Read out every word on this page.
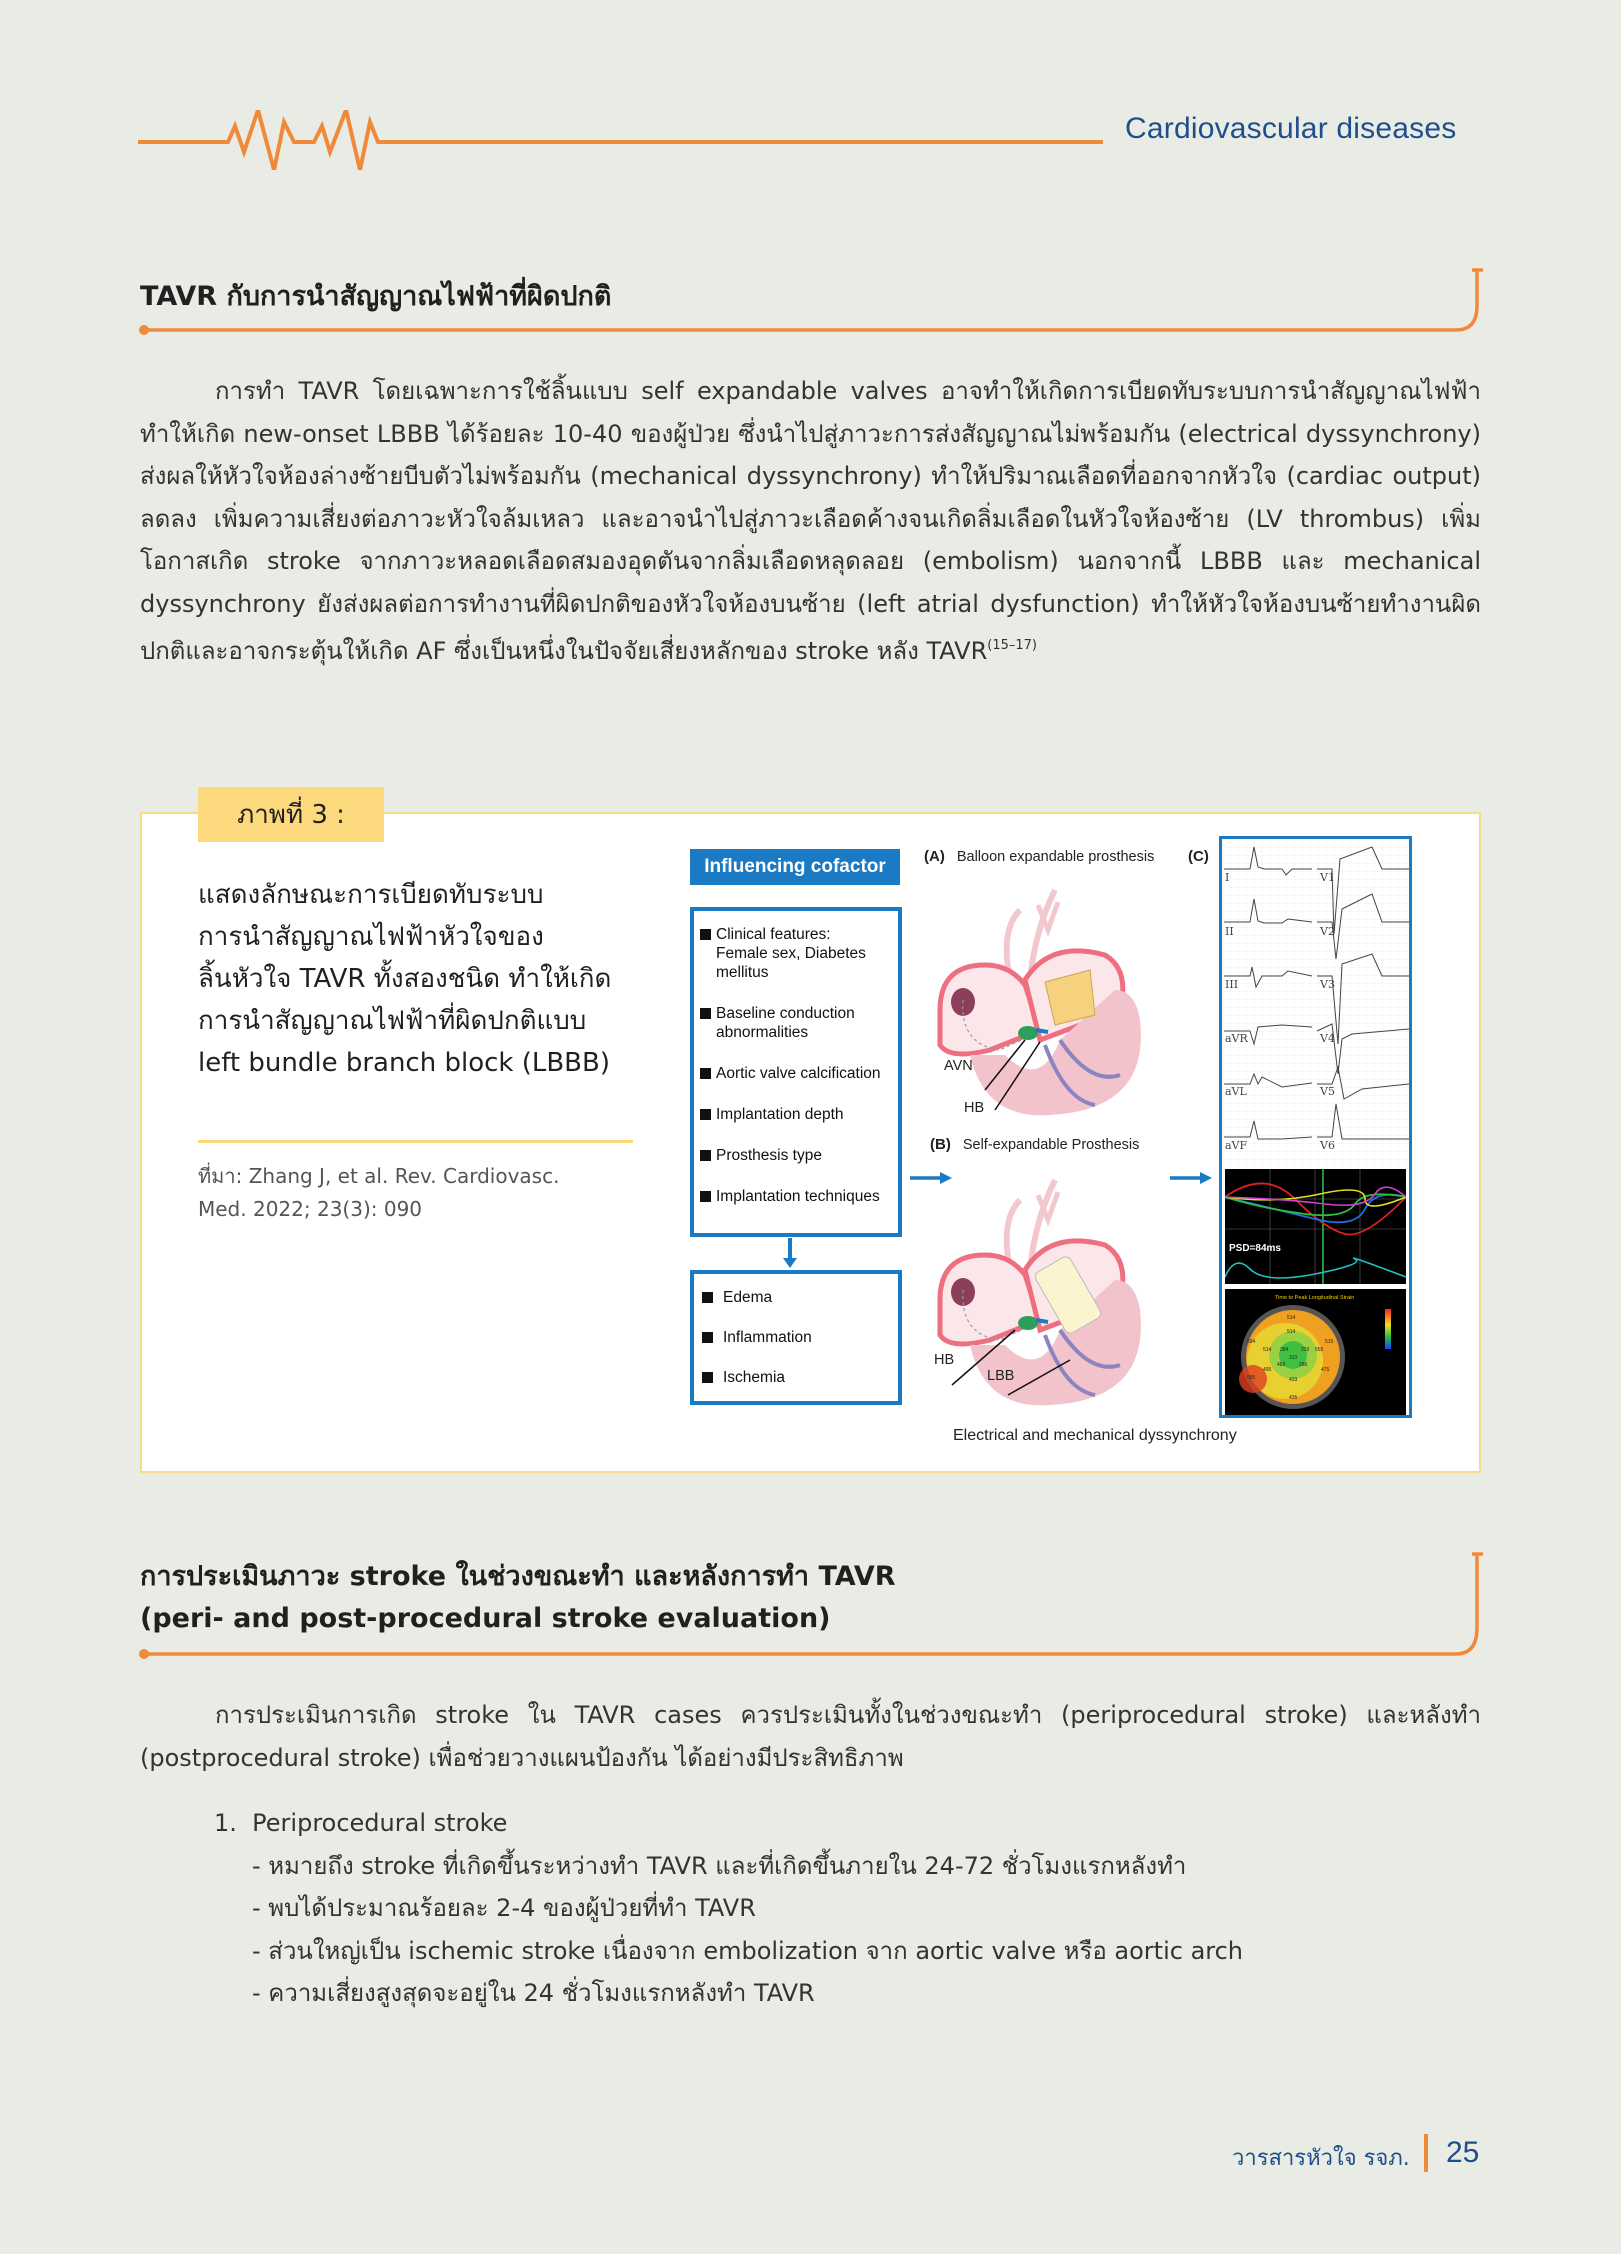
Cardiovascular diseases
TAVR กับการนำสัญญาณไฟฟ้าที่ผิดปกติ

การทำ TAVR โดยเฉพาะการใช้ลิ้นแบบ self expandable valves อาจทำให้เกิดการเบียดทับระบบการนำสัญญาณไฟฟ้า ทำให้เกิด new-onset LBBB ได้ร้อยละ 10-40 ของผู้ป่วย ซึ่งนำไปสู่ภาวะการส่งสัญญาณไม่พร้อมกัน (electrical dyssynchrony) ส่งผลให้หัวใจห้องล่างซ้ายบีบตัวไม่พร้อมกัน (mechanical dyssynchrony) ทำให้ปริมาณเลือดที่ออกจากหัวใจ (cardiac output) ลดลง เพิ่มความเสี่ยงต่อภาวะหัวใจล้มเหลว และอาจนำไปสู่ภาวะเลือดค้างจนเกิดลิ่มเลือดในหัวใจห้องซ้าย (LV thrombus) เพิ่มโอกาสเกิด stroke จากภาวะหลอดเลือดสมองอุดตันจากลิ่มเลือดหลุดลอย (embolism) นอกจากนี้ LBBB และ mechanical dyssynchrony ยังส่งผลต่อการทำงานที่ผิดปกติของหัวใจห้องบนซ้าย (left atrial dysfunction) ทำให้หัวใจห้องบนซ้ายทำงานผิดปกติและอาจกระตุ้นให้เกิด AF ซึ่งเป็นหนึ่งในปัจจัยเสี่ยงหลักของ stroke หลัง TAVR$^{(15-17)}$

ภาพที่ 3 :
แสดงลักษณะการเบียดทับระบบ
การนำสัญญาณไฟฟ้าหัวใจของ
ลิ้นหัวใจ TAVR ทั้งสองชนิด ทำให้เกิด
การนำสัญญาณไฟฟ้าที่ผิดปกติแบบ
left bundle branch block (LBBB)
ที่มา: Zhang J, et al. Rev. Cardiovasc.
Med. 2022; 23(3): 090
Influencing cofactor
Clinical features: Female sex, Diabetes mellitus
Baseline conduction abnormalities
Aortic valve calcification
Implantation depth
Prosthesis type
Implantation techniques
Edema
Inflammation
Ischemia
(A) Balloon expandable prosthesis (C)
AVN
HB
(B) Self-expandable Prosthesis
HB
LBB
I
II
III
aVR
aVL
aVF
V1
V2
V3
V4
V5
V6
PSD=84ms
Time to Peak Longitudinal Strain
514
514
594	515
514 284	333 555
313
483	286
495	475
555	433
435
Electrical and mechanical dyssynchrony
การประเมินภาวะ stroke ในช่วงขณะทำ และหลังการทำ TAVR
(peri- and post-procedural stroke evaluation)

การประเมินการเกิด stroke ใน TAVR cases ควรประเมินทั้งในช่วงขณะทำ (periprocedural stroke) และหลังทำ (postprocedural stroke) เพื่อช่วยวางแผนป้องกัน ได้อย่างมีประสิทธิภาพ

1. Periprocedural stroke
- หมายถึง stroke ที่เกิดขึ้นระหว่างทำ TAVR และที่เกิดขึ้นภายใน 24-72 ชั่วโมงแรกหลังทำ
- พบได้ประมาณร้อยละ 2-4 ของผู้ป่วยที่ทำ TAVR
- ส่วนใหญ่เป็น ischemic stroke เนื่องจาก embolization จาก aortic valve หรือ aortic arch
- ความเสี่ยงสูงสุดจะอยู่ใน 24 ชั่วโมงแรกหลังทำ TAVR
วารสารหัวใจ รจภ. 25
